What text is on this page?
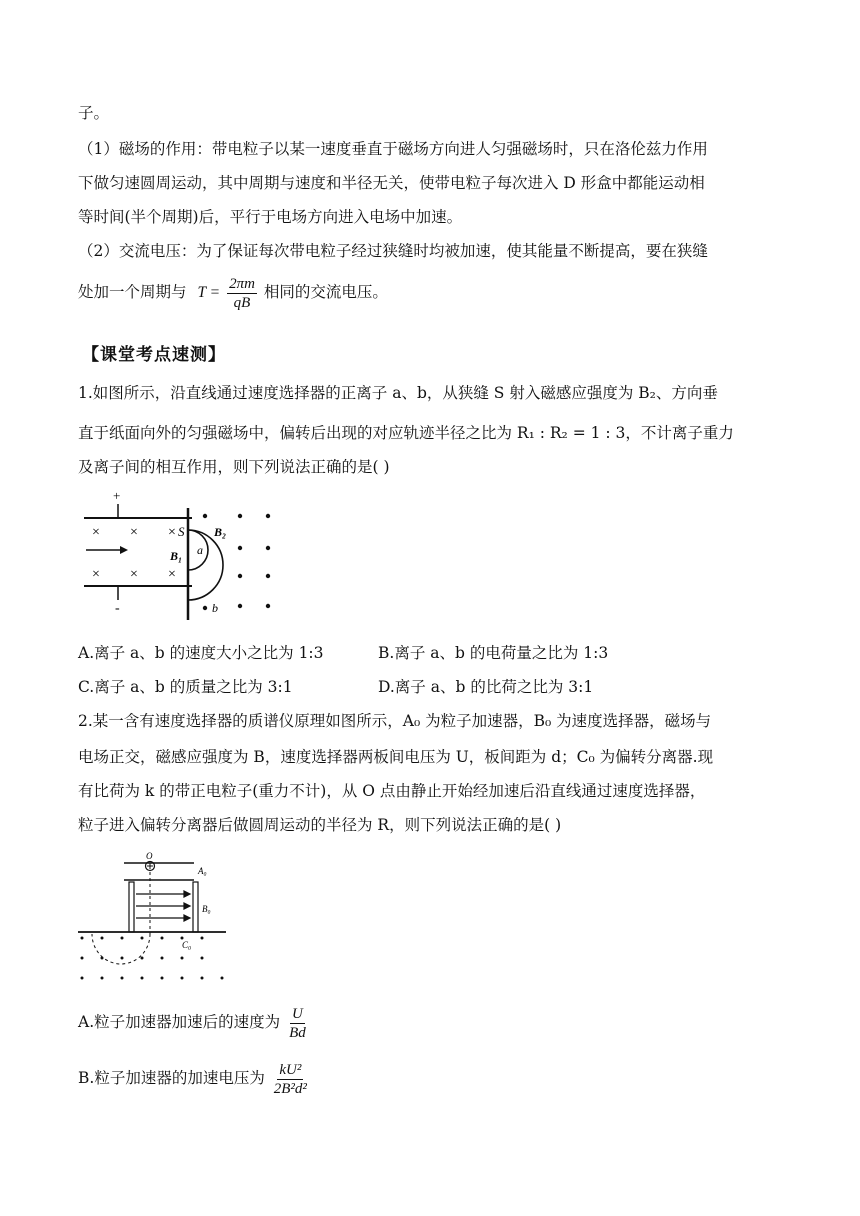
子。
（1）磁场的作用：带电粒子以某一速度垂直于磁场方向进人匀强磁场时，只在洛伦兹力作用
下做匀速圆周运动，其中周期与速度和半径无关，使带电粒子每次进入 D 形盒中都能运动相
等时间(半个周期)后，平行于电场方向进入电场中加速。
（2）交流电压：为了保证每次带电粒子经过狭缝时均被加速，使其能量不断提高，要在狭缝
处加一个周期与 $T = \frac{2\pi m}{qB}$ 相同的交流电压。
【课堂考点速测】
1.如图所示，沿直线通过速度选择器的正离子 a、b，从狭缝 S 射入磁感应强度为 B₂、方向垂
直于纸面向外的匀强磁场中，偏转后出现的对应轨迹半径之比为 R₁ : R₂ = 1 : 3，不计离子重力
及离子间的相互作用，则下列说法正确的是( )
+
-
× × ×
× × ×
S
B₁
B₂
a
b
A.离子 a、b 的速度大小之比为 1:3	B.离子 a、b 的电荷量之比为 1:3
C.离子 a、b 的质量之比为 3:1	D.离子 a、b 的比荷之比为 3:1
2.某一含有速度选择器的质谱仪原理如图所示，A₀ 为粒子加速器，B₀ 为速度选择器，磁场与
电场正交，磁感应强度为 B，速度选择器两板间电压为 U，板间距为 d；C₀ 为偏转分离器.现
有比荷为 k 的带正电粒子(重力不计)，从 O 点由静止开始经加速后沿直线通过速度选择器，
粒子进入偏转分离器后做圆周运动的半径为 R，则下列说法正确的是( )
O
A₀
B₀
C₀
A.粒子加速器加速后的速度为 $\frac{U}{Bd}$
B.粒子加速器的加速电压为 $\frac{\text{kU²}}{\text{2B²d²}}$
